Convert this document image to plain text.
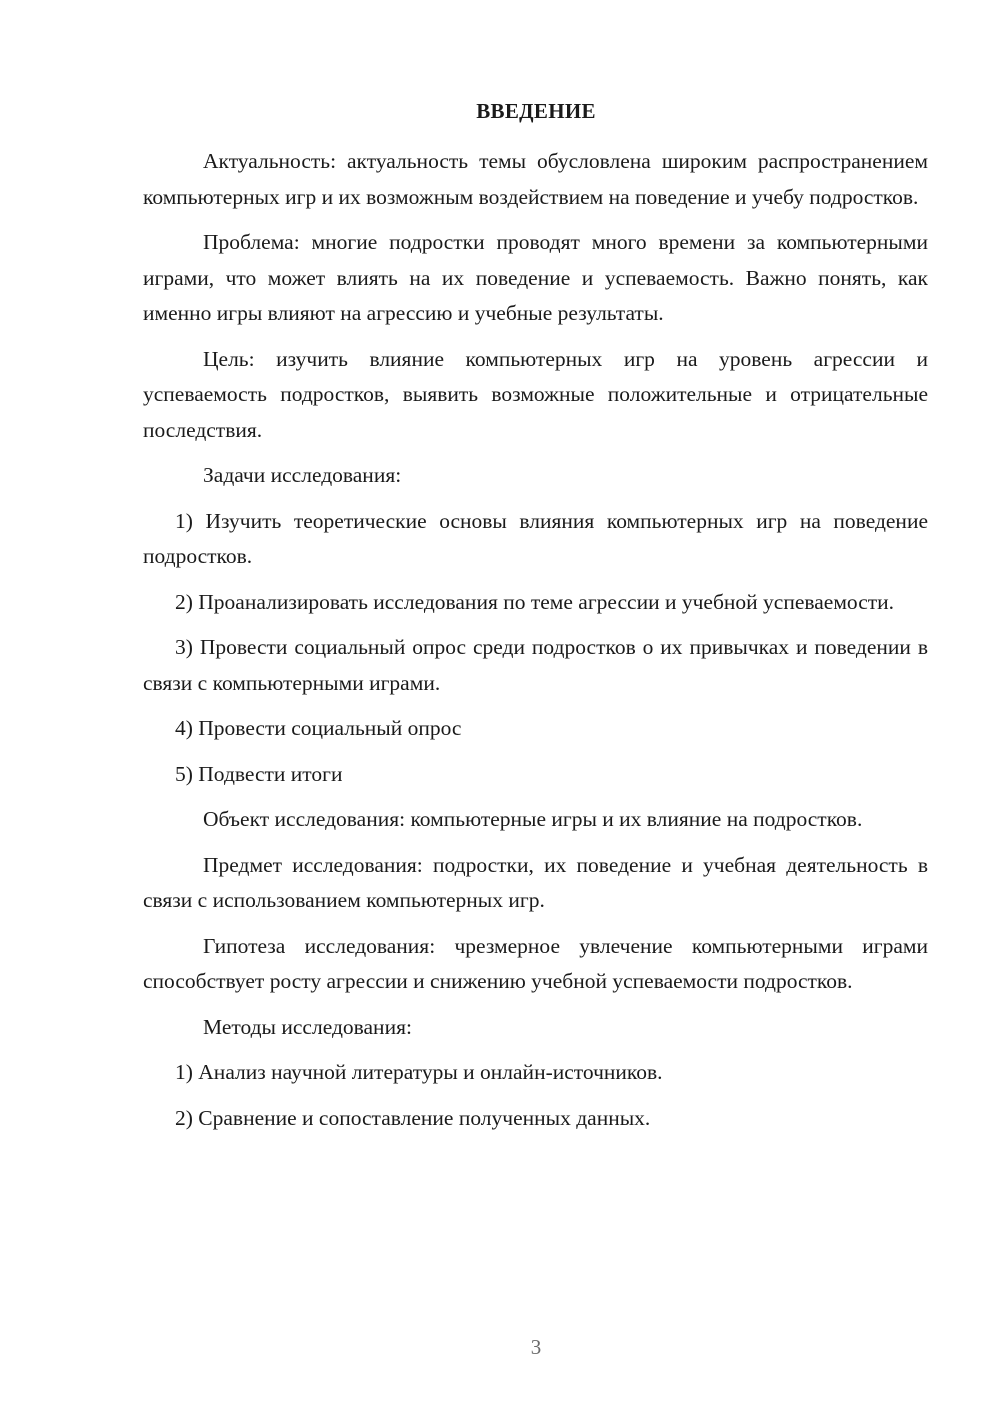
ВВЕДЕНИЕ

Актуальность: актуальность темы обусловлена широким распространением компьютерных игр и их возможным воздействием на поведение и учебу подростков.

Проблема: многие подростки проводят много времени за компьютерными играми, что может влиять на их поведение и успеваемость. Важно понять, как именно игры влияют на агрессию и учебные результаты.

Цель: изучить влияние компьютерных игр на уровень агрессии и успеваемость подростков, выявить возможные положительные и отрицательные последствия.

Задачи исследования:

1) Изучить теоретические основы влияния компьютерных игр на поведение подростков.

2) Проанализировать исследования по теме агрессии и учебной успеваемости.

3) Провести социальный опрос среди подростков о их привычках и поведении в связи с компьютерными играми.

4) Провести социальный опрос

5) Подвести итоги

Объект исследования: компьютерные игры и их влияние на подростков.

Предмет исследования: подростки, их поведение и учебная деятельность в связи с использованием компьютерных игр.

Гипотеза исследования: чрезмерное увлечение компьютерными играми способствует росту агрессии и снижению учебной успеваемости подростков.

Методы исследования:

1) Анализ научной литературы и онлайн-источников.

2) Сравнение и сопоставление полученных данных.

3
